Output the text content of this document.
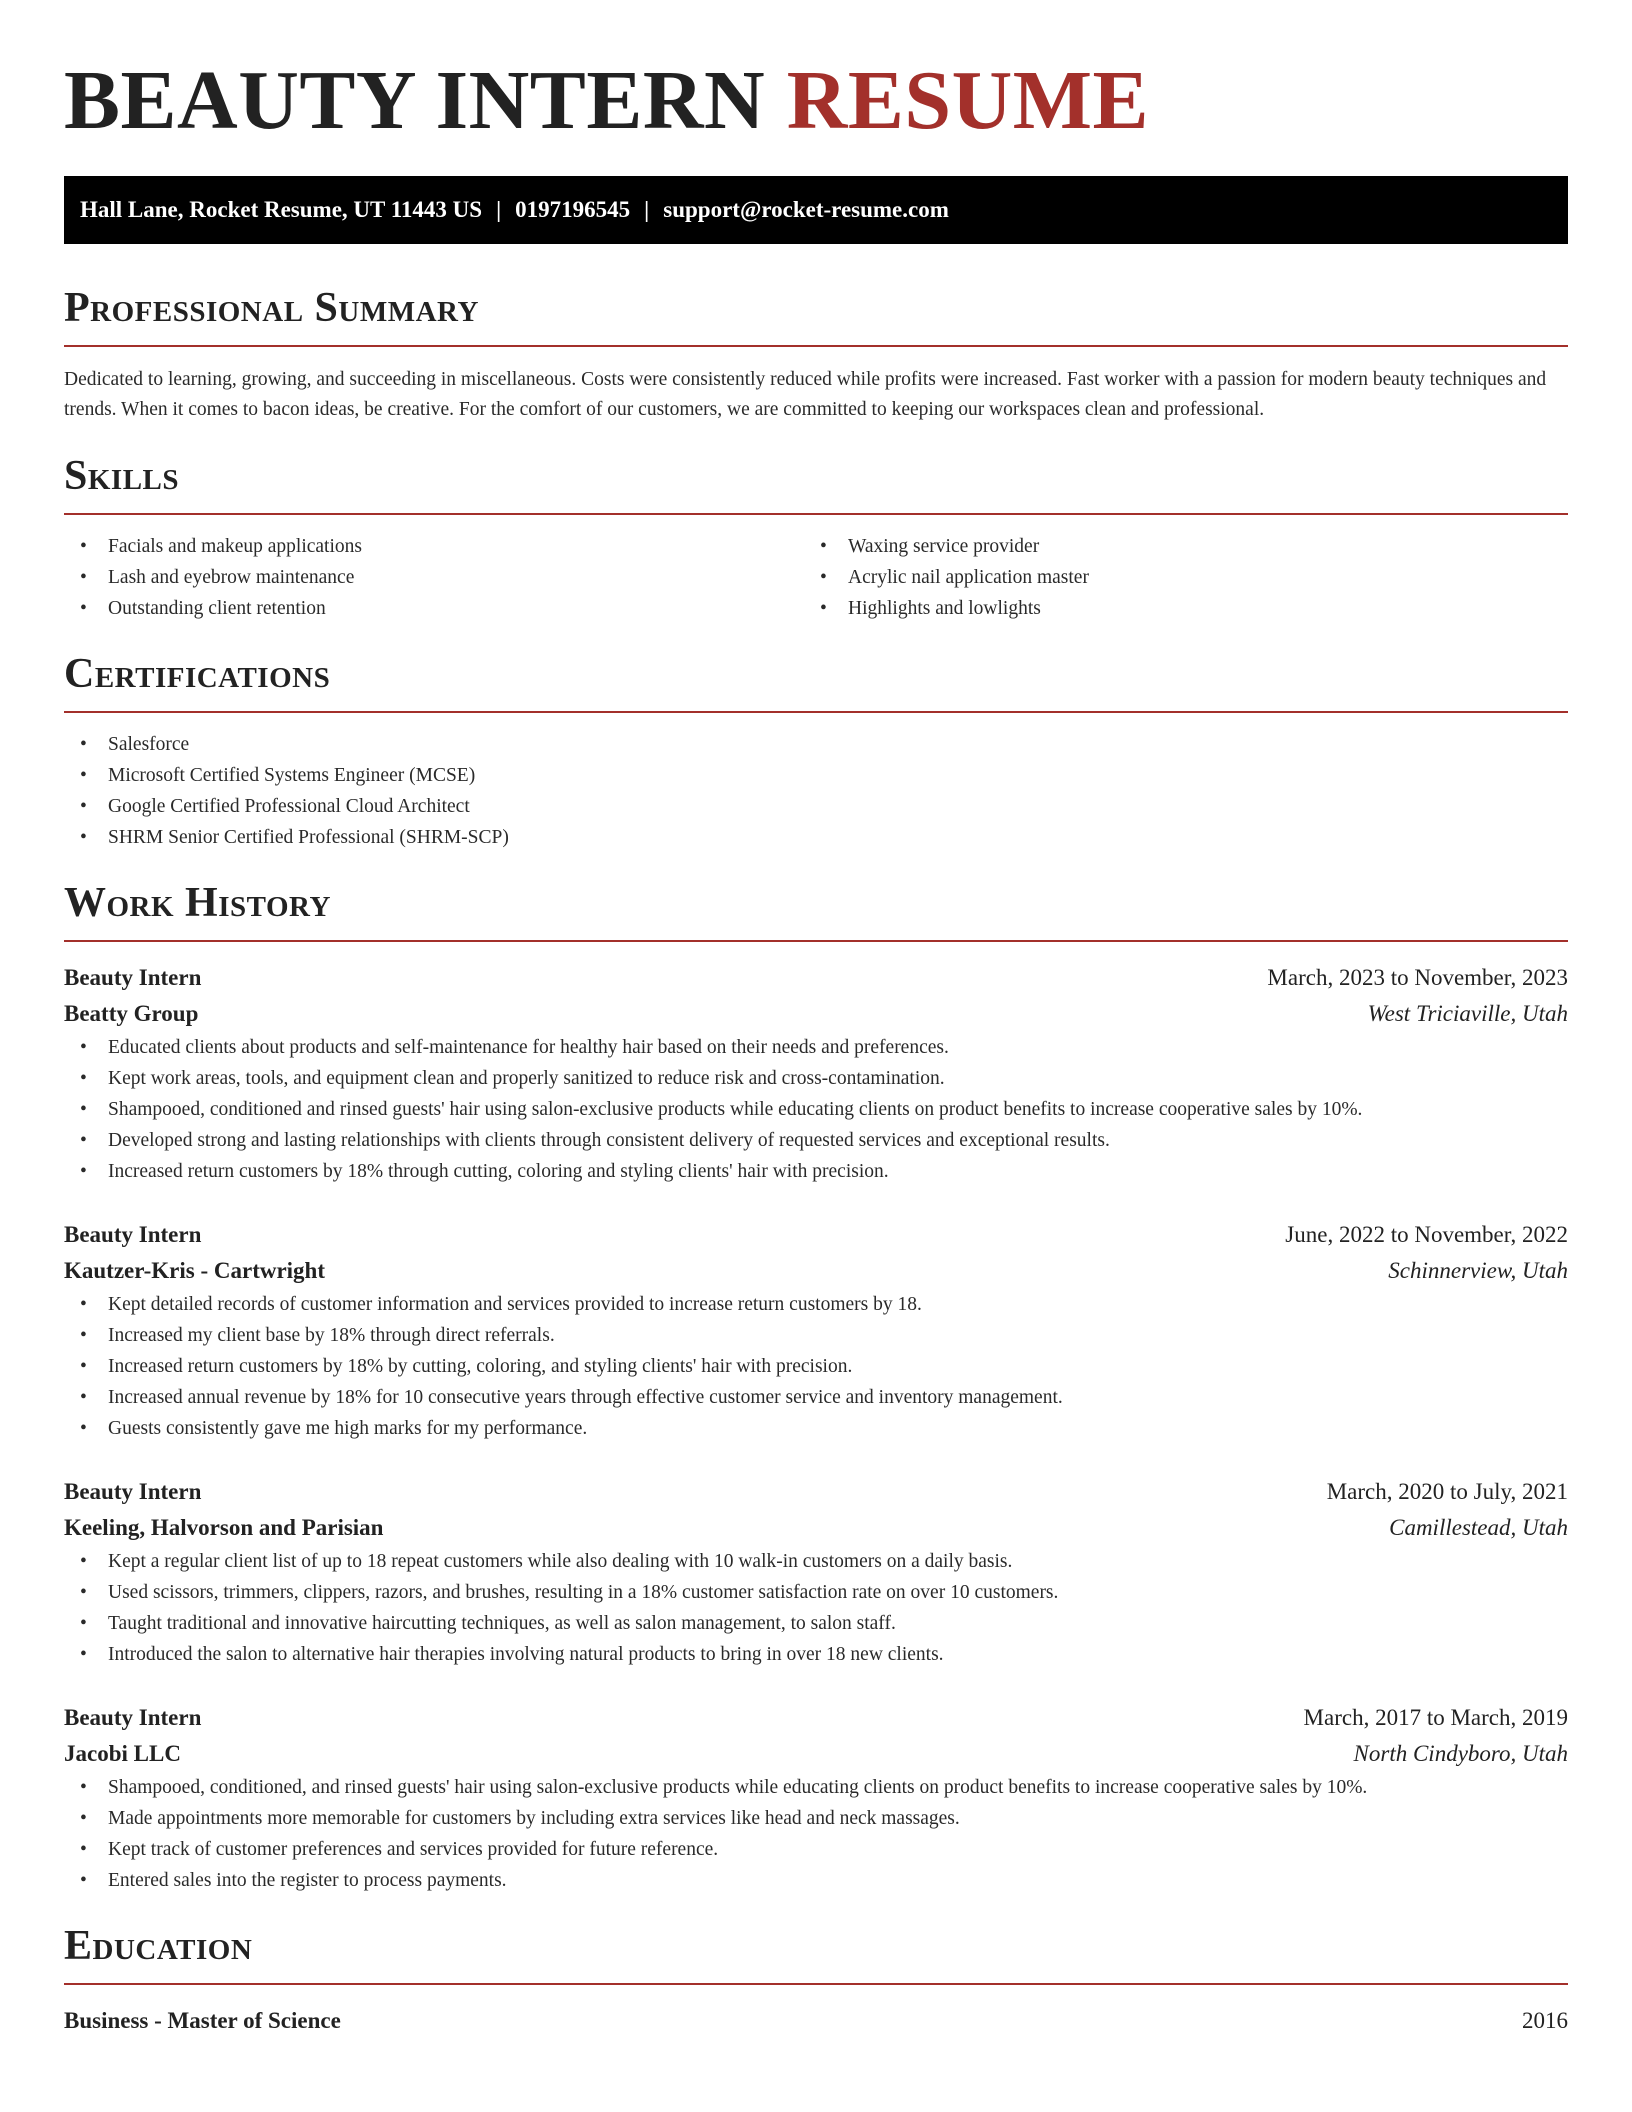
BEAUTY INTERN RESUME
Hall Lane, Rocket Resume, UT 11443 US | 0197196545 | support@rocket-resume.com
Professional Summary

Dedicated to learning, growing, and succeeding in miscellaneous. Costs were consistently reduced while profits were increased. Fast worker with a passion for modern beauty techniques and trends. When it comes to bacon ideas, be creative. For the comfort of our customers, we are committed to keeping our workspaces clean and professional.

Skills
• Facials and makeup applications
• Lash and eyebrow maintenance
• Outstanding client retention
• Waxing service provider
• Acrylic nail application master
• Highlights and lowlights
Certifications
• Salesforce
• Microsoft Certified Systems Engineer (MCSE)
• Google Certified Professional Cloud Architect
• SHRM Senior Certified Professional (SHRM-SCP)
Work History
Beauty Intern	March, 2023 to November, 2023
Beatty Group	West Triciaville, Utah
• Educated clients about products and self-maintenance for healthy hair based on their needs and preferences.
• Kept work areas, tools, and equipment clean and properly sanitized to reduce risk and cross-contamination.
• Shampooed, conditioned and rinsed guests' hair using salon-exclusive products while educating clients on product benefits to increase cooperative sales by 10%.
• Developed strong and lasting relationships with clients through consistent delivery of requested services and exceptional results.
• Increased return customers by 18% through cutting, coloring and styling clients' hair with precision.
Beauty Intern	June, 2022 to November, 2022
Kautzer-Kris - Cartwright	Schinnerview, Utah
• Kept detailed records of customer information and services provided to increase return customers by 18.
• Increased my client base by 18% through direct referrals.
• Increased return customers by 18% by cutting, coloring, and styling clients' hair with precision.
• Increased annual revenue by 18% for 10 consecutive years through effective customer service and inventory management.
• Guests consistently gave me high marks for my performance.
Beauty Intern	March, 2020 to July, 2021
Keeling, Halvorson and Parisian	Camillestead, Utah
• Kept a regular client list of up to 18 repeat customers while also dealing with 10 walk-in customers on a daily basis.
• Used scissors, trimmers, clippers, razors, and brushes, resulting in a 18% customer satisfaction rate on over 10 customers.
• Taught traditional and innovative haircutting techniques, as well as salon management, to salon staff.
• Introduced the salon to alternative hair therapies involving natural products to bring in over 18 new clients.
Beauty Intern	March, 2017 to March, 2019
Jacobi LLC	North Cindyboro, Utah
• Shampooed, conditioned, and rinsed guests' hair using salon-exclusive products while educating clients on product benefits to increase cooperative sales by 10%.
• Made appointments more memorable for customers by including extra services like head and neck massages.
• Kept track of customer preferences and services provided for future reference.
• Entered sales into the register to process payments.
Education
Business - Master of Science	2016
